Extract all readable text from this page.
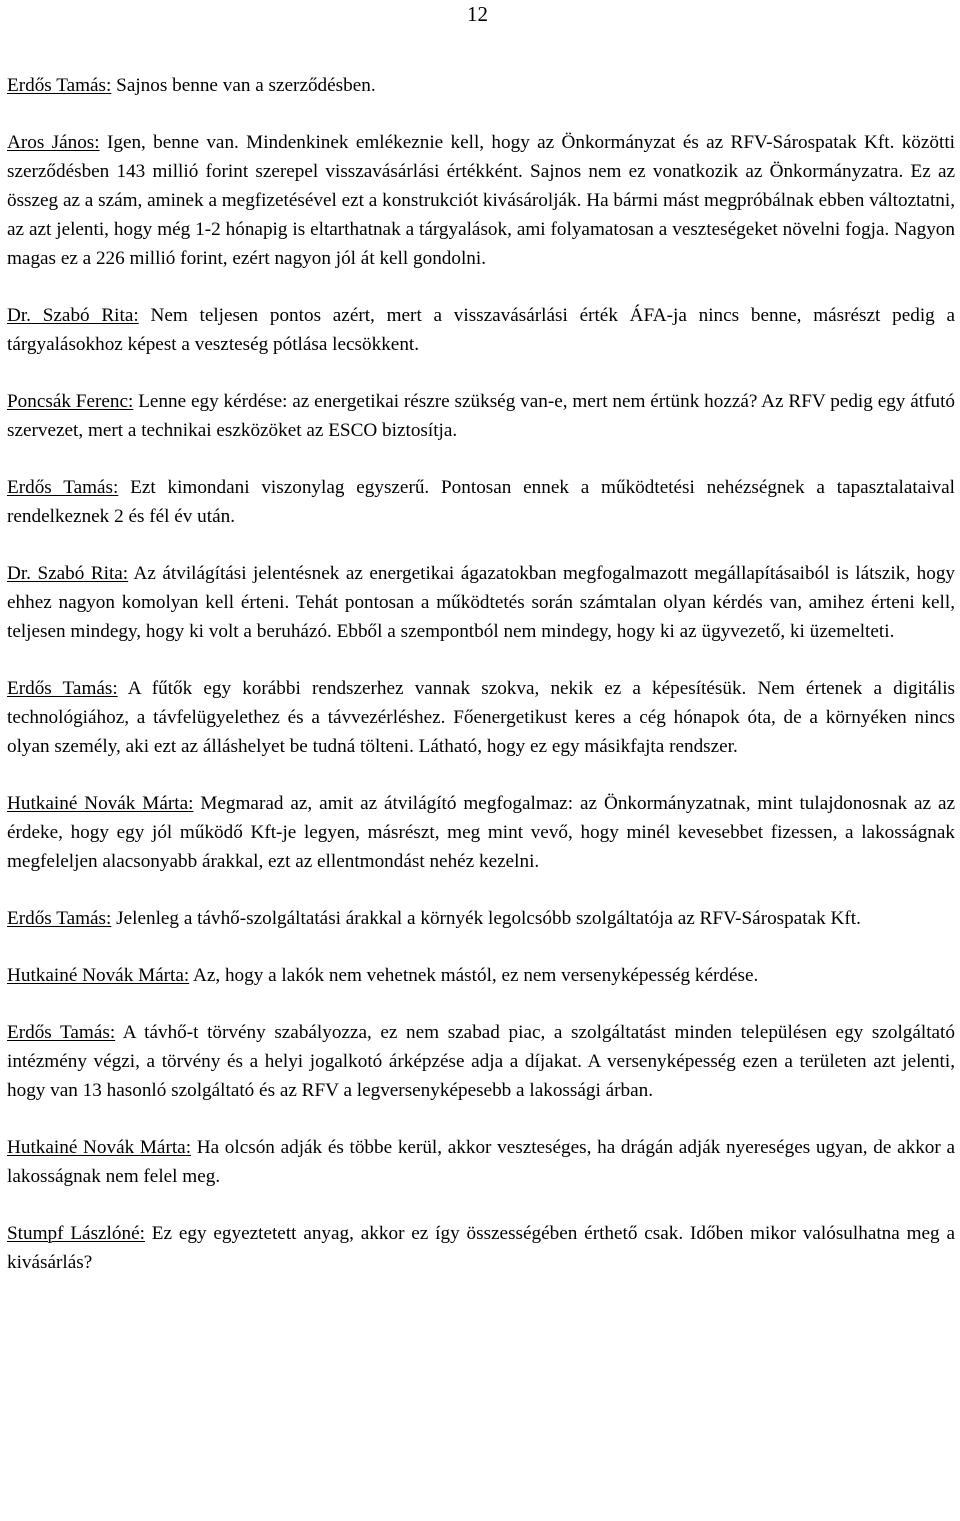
12

Erdős Tamás: Sajnos benne van a szerződésben.

Aros János: Igen, benne van. Mindenkinek emlékeznie kell, hogy az Önkormányzat és az RFV-Sárospatak Kft. közötti szerződésben 143 millió forint szerepel visszavásárlási értékként. Sajnos nem ez vonatkozik az Önkormányzatra. Ez az összeg az a szám, aminek a megfizetésével ezt a konstrukciót kivásárolják. Ha bármi mást megpróbálnak ebben változtatni, az azt jelenti, hogy még 1-2 hónapig is eltarthatnak a tárgyalások, ami folyamatosan a veszteségeket növelni fogja. Nagyon magas ez a 226 millió forint, ezért nagyon jól át kell gondolni.

Dr. Szabó Rita: Nem teljesen pontos azért, mert a visszavásárlási érték ÁFA-ja nincs benne, másrészt pedig a tárgyalásokhoz képest a veszteség pótlása lecsökkent.

Poncsák Ferenc: Lenne egy kérdése: az energetikai részre szükség van-e, mert nem értünk hozzá? Az RFV pedig egy átfutó szervezet, mert a technikai eszközöket az ESCO biztosítja.

Erdős Tamás: Ezt kimondani viszonylag egyszerű. Pontosan ennek a működtetési nehézségnek a tapasztalataival rendelkeznek 2 és fél év után.

Dr. Szabó Rita: Az átvilágítási jelentésnek az energetikai ágazatokban megfogalmazott megállapításaiból is látszik, hogy ehhez nagyon komolyan kell érteni. Tehát pontosan a működtetés során számtalan olyan kérdés van, amihez érteni kell, teljesen mindegy, hogy ki volt a beruházó. Ebből a szempontból nem mindegy, hogy ki az ügyvezető, ki üzemelteti.

Erdős Tamás: A fűtők egy korábbi rendszerhez vannak szokva, nekik ez a képesítésük. Nem értenek a digitális technológiához, a távfelügyelethez és a távvezérléshez. Főenergetikust keres a cég hónapok óta, de a környéken nincs olyan személy, aki ezt az álláshelyet be tudná tölteni. Látható, hogy ez egy másikfajta rendszer.

Hutkainé Novák Márta: Megmarad az, amit az átvilágító megfogalmaz: az Önkormányzatnak, mint tulajdonosnak az az érdeke, hogy egy jól működő Kft-je legyen, másrészt, meg mint vevő, hogy minél kevesebbet fizessen, a lakosságnak megfeleljen alacsonyabb árakkal, ezt az ellentmondást nehéz kezelni.

Erdős Tamás: Jelenleg a távhő-szolgáltatási árakkal a környék legolcsóbb szolgáltatója az RFV-Sárospatak Kft.

Hutkainé Novák Márta: Az, hogy a lakók nem vehetnek mástól, ez nem versenyképesség kérdése.

Erdős Tamás: A távhő-t törvény szabályozza, ez nem szabad piac, a szolgáltatást minden településen egy szolgáltató intézmény végzi, a törvény és a helyi jogalkotó árképzése adja a díjakat. A versenyképesség ezen a területen azt jelenti, hogy van 13 hasonló szolgáltató és az RFV a legversenyképesebb a lakossági árban.

Hutkainé Novák Márta: Ha olcsón adják és többe kerül, akkor veszteséges, ha drágán adják nyereséges ugyan, de akkor a lakosságnak nem felel meg.

Stumpf Lászlóné: Ez egy egyeztetett anyag, akkor ez így összességében érthető csak. Időben mikor valósulhatna meg a kivásárlás?
